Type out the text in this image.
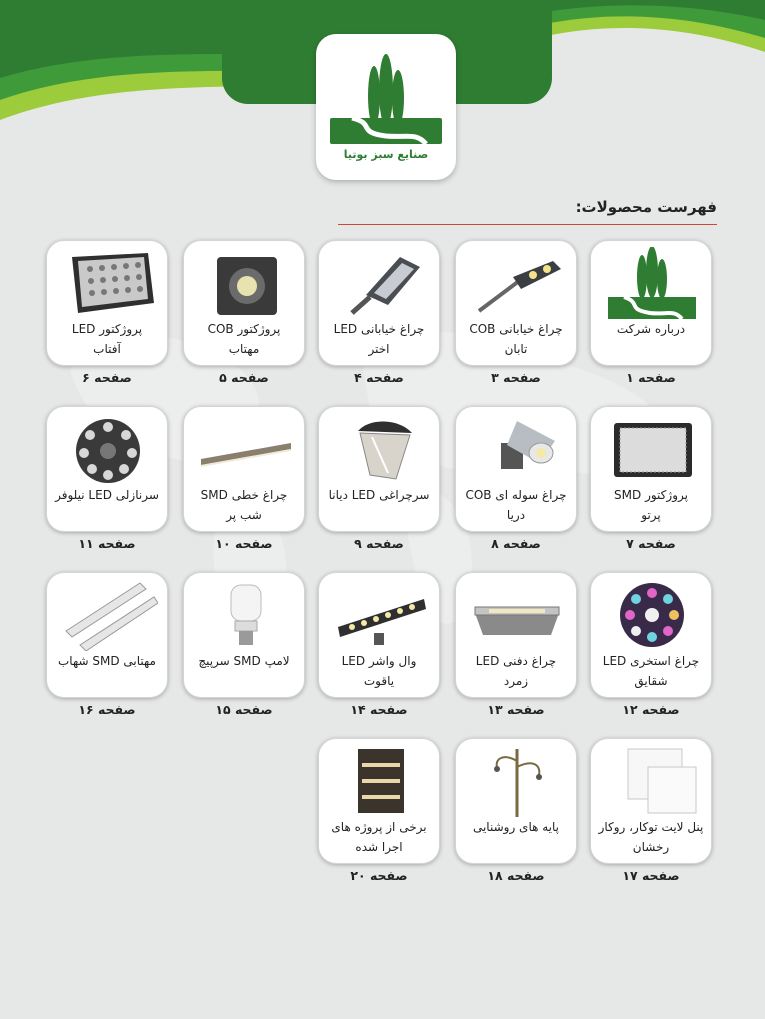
صنایع سبز بوتیا
فهرست محصولات:
درباره شرکت
صفحه ۱
چراغ خیابانی COB
تابان
صفحه ۳
چراغ خیابانی LED
اختر
صفحه ۴
پروژکتور COB
مهتاب
صفحه ۵
پروژکتور LED
آفتاب
صفحه ۶
پروژکتور SMD
پرتو
صفحه ۷
چراغ سوله ای COB
دریا
صفحه ۸
سرچراغی LED دیانا
صفحه ۹
چراغ خطی SMD
شب پر
صفحه ۱۰
سرنازلی LED نیلوفر
صفحه ۱۱
چراغ استخری LED
شقایق
صفحه ۱۲
چراغ دفنی LED
زمرد
صفحه ۱۳
وال واشر LED
یاقوت
صفحه ۱۴
لامپ SMD سرپیچ
صفحه ۱۵
مهتابی SMD شهاب
صفحه ۱۶
پنل لایت توکار، روکار
رخشان
صفحه ۱۷
پایه های روشنایی
صفحه ۱۸
برخی از پروژه های
اجرا شده
صفحه ۲۰
